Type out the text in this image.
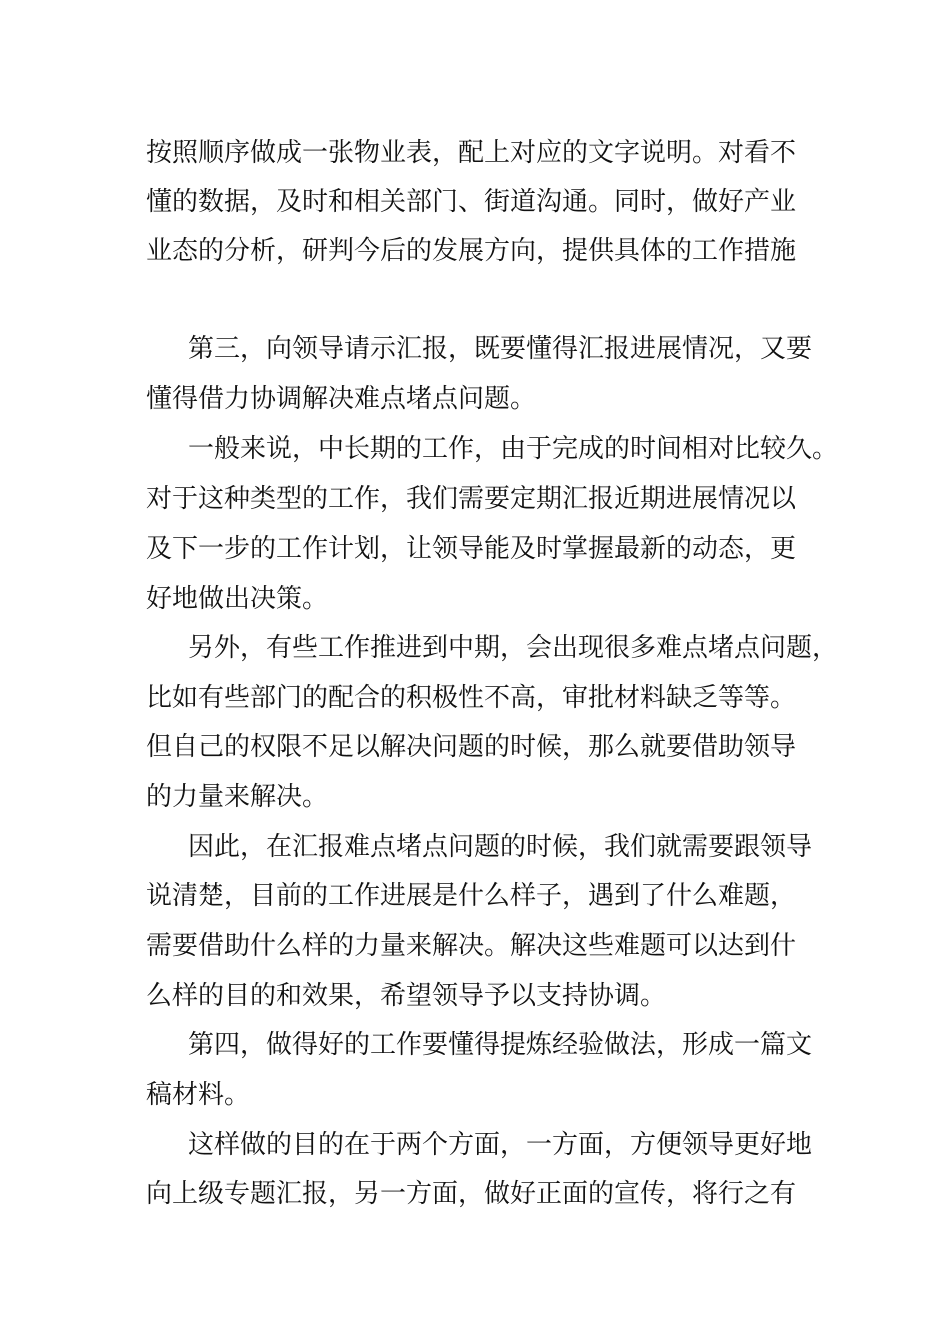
按照顺序做成一张物业表，配上对应的文字说明。对看不

懂的数据，及时和相关部门、街道沟通。同时，做好产业

业态的分析，研判今后的发展方向，提供具体的工作措施

第三，向领导请示汇报，既要懂得汇报进展情况，又要

懂得借力协调解决难点堵点问题。

一般来说，中长期的工作，由于完成的时间相对比较久。

对于这种类型的工作，我们需要定期汇报近期进展情况以

及下一步的工作计划，让领导能及时掌握最新的动态，更

好地做出决策。

另外，有些工作推进到中期，会出现很多难点堵点问题，

比如有些部门的配合的积极性不高，审批材料缺乏等等。

但自己的权限不足以解决问题的时候，那么就要借助领导

的力量来解决。

因此，在汇报难点堵点问题的时候，我们就需要跟领导

说清楚，目前的工作进展是什么样子，遇到了什么难题，

需要借助什么样的力量来解决。解决这些难题可以达到什

么样的目的和效果，希望领导予以支持协调。

第四，做得好的工作要懂得提炼经验做法，形成一篇文

稿材料。

这样做的目的在于两个方面，一方面，方便领导更好地

向上级专题汇报，另一方面，做好正面的宣传，将行之有
